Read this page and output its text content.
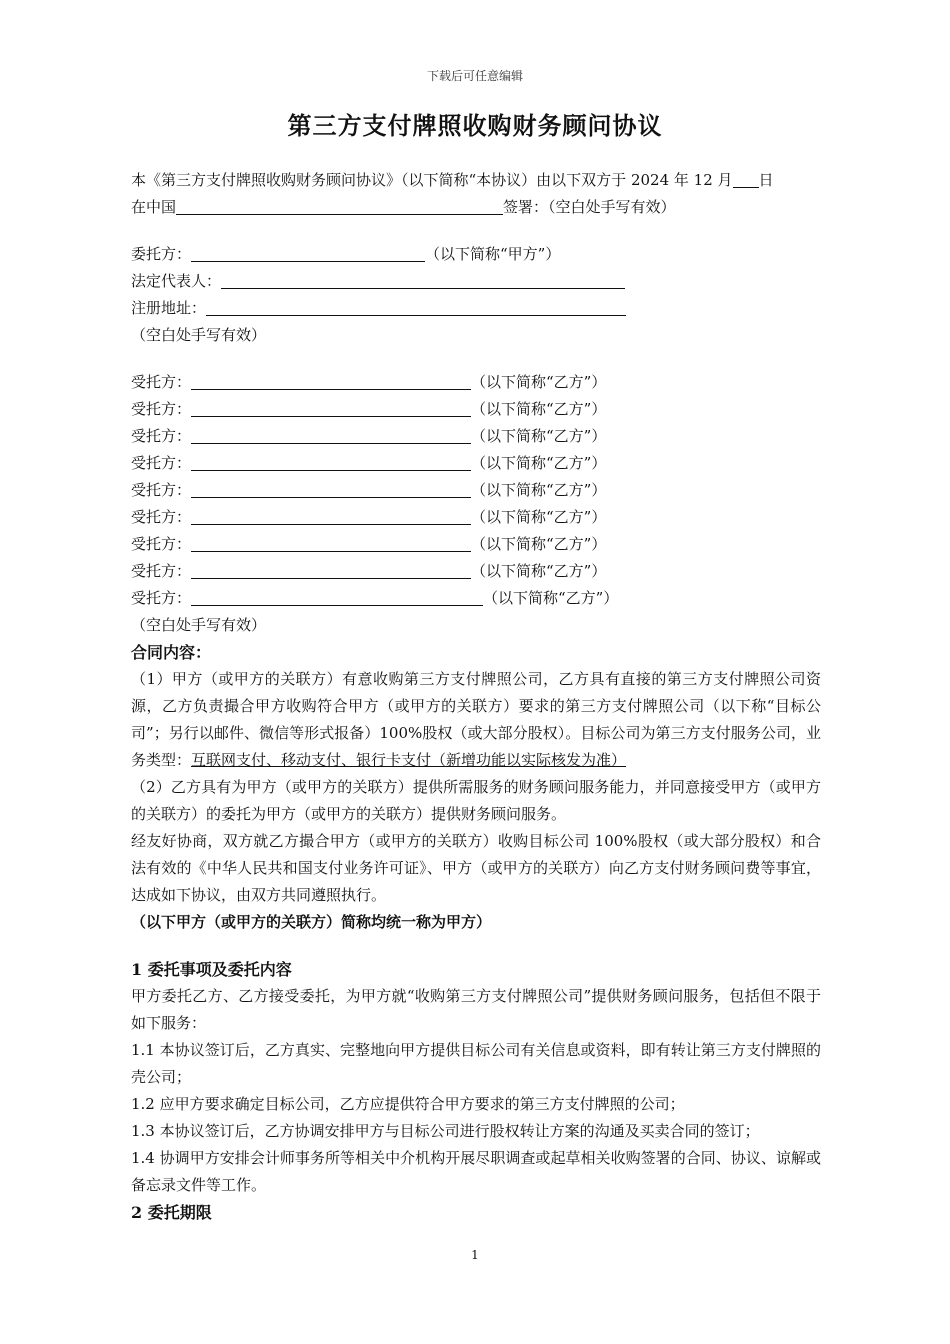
下载后可任意编辑
第三方支付牌照收购财务顾问协议
本《第三方支付牌照收购财务顾问协议》（以下简称“本协议）由以下双方于 2024 年 12 月 日
在中国	签署：（空白处手写有效）
委托方：	（以下简称“甲方”）
法定代表人：
注册地址：
（空白处手写有效）
受托方：	（以下简称“乙方”）
受托方：	（以下简称“乙方”）
受托方：	（以下简称“乙方”）
受托方：	（以下简称“乙方”）
受托方：	（以下简称“乙方”）
受托方：	（以下简称“乙方”）
受托方：	（以下简称“乙方”）
受托方：	（以下简称“乙方”）
受托方：	（以下简称“乙方”）
（空白处手写有效）
合同内容：
（1）甲方（或甲方的关联方）有意收购第三方支付牌照公司，乙方具有直接的第三方支付牌照公司资源，乙方负责撮合甲方收购符合甲方（或甲方的关联方）要求的第三方支付牌照公司（以下称“目标公司”；另行以邮件、微信等形式报备）100%股权（或大部分股权）。目标公司为第三方支付服务公司，业务类型：互联网支付、移动支付、银行卡支付（新增功能以实际核发为准）
（2）乙方具有为甲方（或甲方的关联方）提供所需服务的财务顾问服务能力，并同意接受甲方（或甲方的关联方）的委托为甲方（或甲方的关联方）提供财务顾问服务。
经友好协商，双方就乙方撮合甲方（或甲方的关联方）收购目标公司 100%股权（或大部分股权）和合法有效的《中华人民共和国支付业务许可证》、甲方（或甲方的关联方）向乙方支付财务顾问费等事宜，达成如下协议，由双方共同遵照执行。
（以下甲方（或甲方的关联方）简称均统一称为甲方）
1 委托事项及委托内容
甲方委托乙方、乙方接受委托，为甲方就“收购第三方支付牌照公司”提供财务顾问服务，包括但不限于如下服务：
1.1 本协议签订后，乙方真实、完整地向甲方提供目标公司有关信息或资料，即有转让第三方支付牌照的壳公司；
1.2 应甲方要求确定目标公司，乙方应提供符合甲方要求的第三方支付牌照的公司；
1.3 本协议签订后，乙方协调安排甲方与目标公司进行股权转让方案的沟通及买卖合同的签订；
1.4 协调甲方安排会计师事务所等相关中介机构开展尽职调查或起草相关收购签署的合同、协议、谅解或备忘录文件等工作。
2 委托期限
1
